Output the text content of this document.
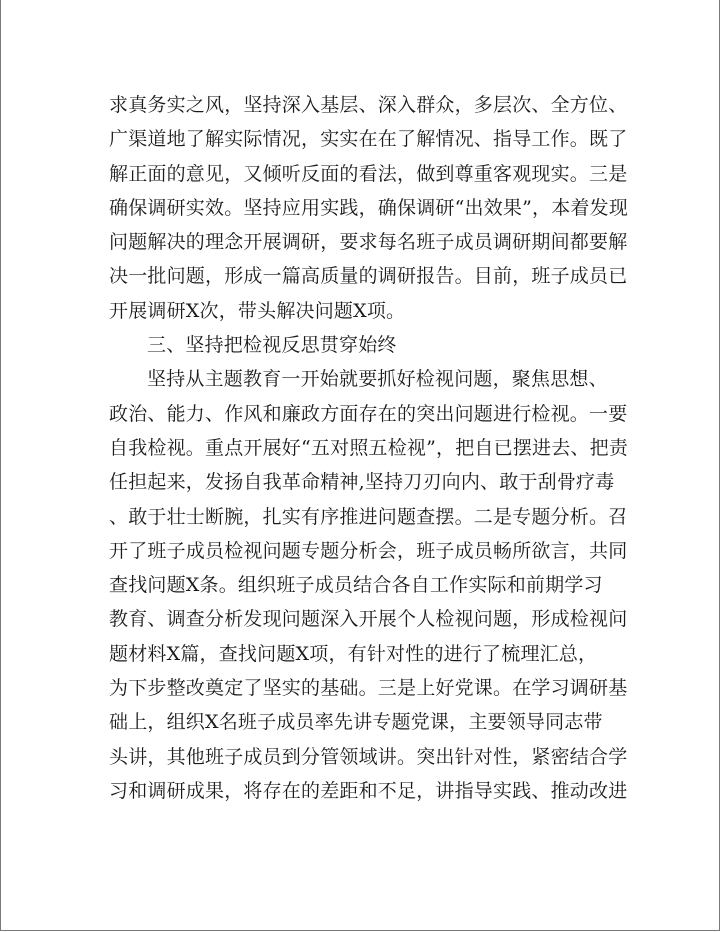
求真务实之风，坚持深入基层、深入群众，多层次、全方位、
广渠道地了解实际情况，实实在在了解情况、指导工作。既了
解正面的意见，又倾听反面的看法，做到尊重客观现实。三是
确保调研实效。坚持应用实践，确保调研“出效果”，本着发现
问题解决的理念开展调研，要求每名班子成员调研期间都要解
决一批问题，形成一篇高质量的调研报告。目前，班子成员已
开展调研X次，带头解决问题X项。
三、坚持把检视反思贯穿始终
坚持从主题教育一开始就要抓好检视问题，聚焦思想、
政治、能力、作风和廉政方面存在的突出问题进行检视。一要
自我检视。重点开展好“五对照五检视”，把自已摆进去、把责
任担起来，发扬自我革命精神,坚持刀刃向内、敢于刮骨疗毒
、敢于壮士断腕，扎实有序推进问题查摆。二是专题分析。召
开了班子成员检视问题专题分析会，班子成员畅所欲言，共同
查找问题X条。组织班子成员结合各自工作实际和前期学习
教育、调查分析发现问题深入开展个人检视问题，形成检视问
题材料X篇，查找问题X项，有针对性的进行了梳理汇总，
为下步整改奠定了坚实的基础。三是上好党课。在学习调研基
础上，组织X名班子成员率先讲专题党课，主要领导同志带
头讲，其他班子成员到分管领域讲。突出针对性，紧密结合学
习和调研成果，将存在的差距和不足，讲指导实践、推动改进
